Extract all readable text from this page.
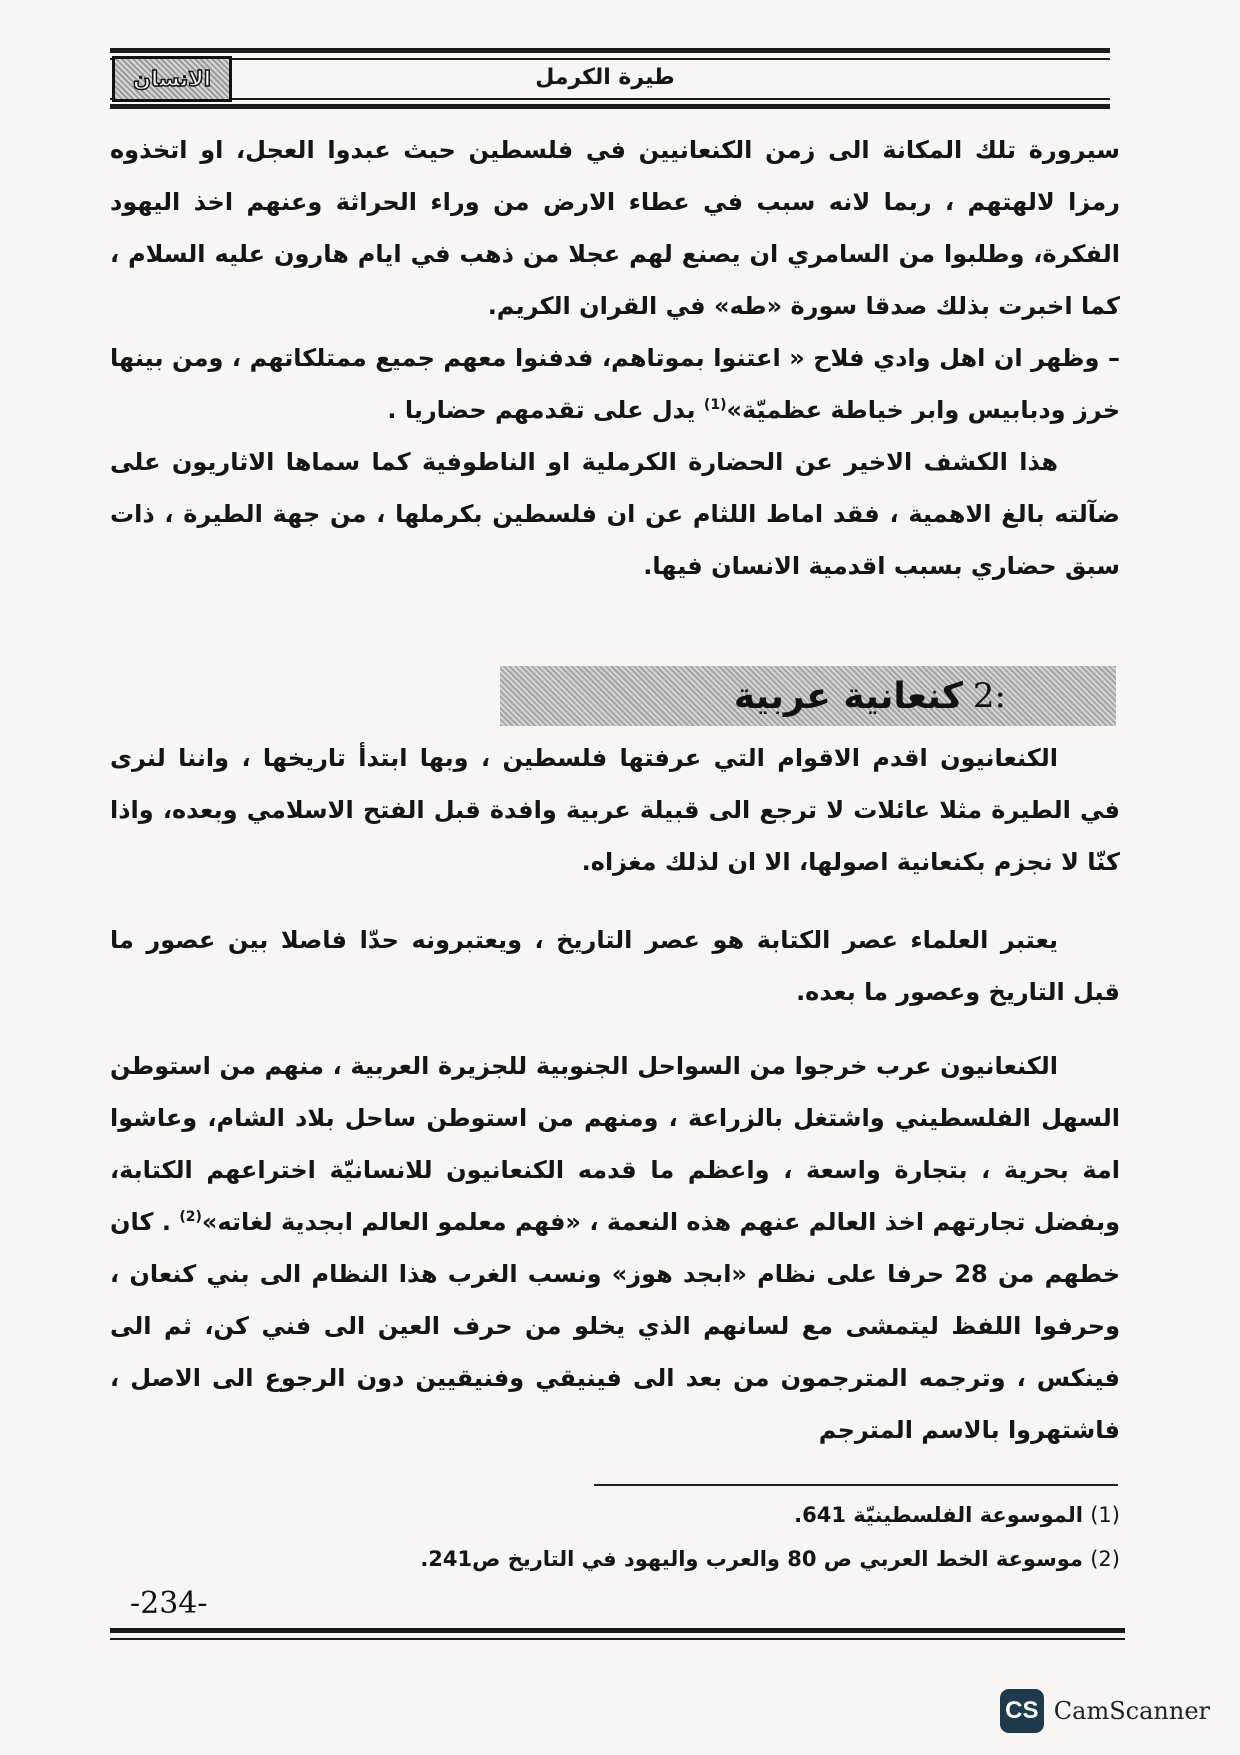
الانسان	طيرة الكرمل

سيرورة تلك المكانة الى زمن الكنعانيين في فلسطين حيث عبدوا العجل، او اتخذوه رمزا لالهتهم ، ربما لانه سبب في عطاء الارض من وراء الحراثة وعنهم اخذ اليهود الفكرة، وطلبوا من السامري ان يصنع لهم عجلا من ذهب في ايام هارون عليه السلام ، كما اخبرت بذلك صدقا سورة «طه» في القران الكريم.

– وظهر ان اهل وادي فلاح « اعتنوا بموتاهم، فدفنوا معهم جميع ممتلكاتهم ، ومن بينها خرز ودبابيس وابر خياطة عظميّة»$^{(1)}$ يدل على تقدمهم حضاريا .

هذا الكشف الاخير عن الحضارة الكرملية او الناطوفية كما سماها الاثاريون على ضآلته بالغ الاهمية ، فقد اماط اللثام عن ان فلسطين بكرملها ، من جهة الطيرة ، ذات سبق حضاري بسبب اقدمية الانسان فيها.

:2
كنعانية عربية

الكنعانيون اقدم الاقوام التي عرفتها فلسطين ، وبها ابتدأ تاريخها ، واننا لنرى في الطيرة مثلا عائلات لا ترجع الى قبيلة عربية وافدة قبل الفتح الاسلامي وبعده، واذا كنّا لا نجزم بكنعانية اصولها، الا ان لذلك مغزاه.

يعتبر العلماء عصر الكتابة هو عصر التاريخ ، ويعتبرونه حدّا فاصلا بين عصور ما قبل التاريخ وعصور ما بعده.

الكنعانيون عرب خرجوا من السواحل الجنوبية للجزيرة العربية ، منهم من استوطن السهل الفلسطيني واشتغل بالزراعة ، ومنهم من استوطن ساحل بلاد الشام، وعاشوا امة بحرية ، بتجارة واسعة ، واعظم ما قدمه الكنعانيون للانسانيّة اختراعهم الكتابة، وبفضل تجارتهم اخذ العالم عنهم هذه النعمة ، «فهم معلمو العالم ابجدية لغاته»$^{(2)}$ . كان خطهم من 28 حرفا على نظام «ابجد هوز» ونسب الغرب هذا النظام الى بني كنعان ، وحرفوا اللفظ ليتمشى مع لسانهم الذي يخلو من حرف العين الى فني كن، ثم الى فينكس ، وترجمه المترجمون من بعد الى فينيقي وفنيقيين دون الرجوع الى الاصل ، فاشتهروا بالاسم المترجم

(1) الموسوعة الفلسطينيّة 641.

(2) موسوعة الخط العربي ص 80 والعرب واليهود في التاريخ ص241.

-234-
CS CamScanner
